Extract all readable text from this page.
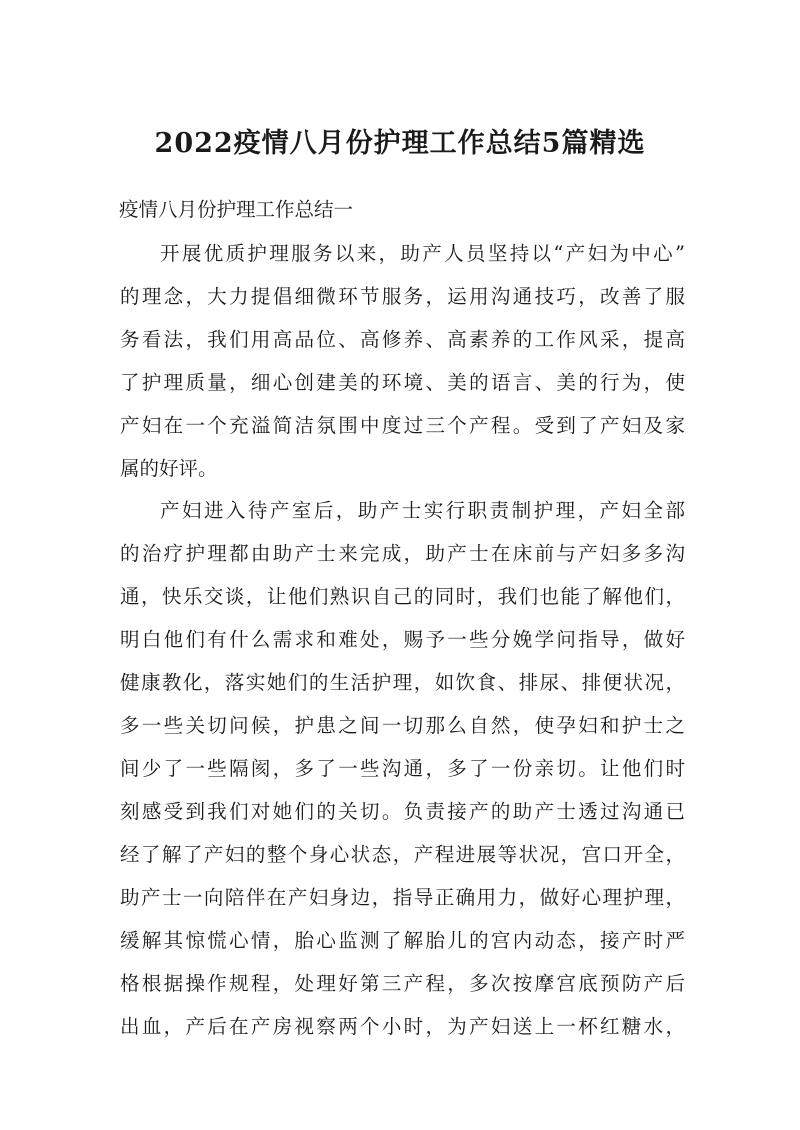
2022疫情八月份护理工作总结5篇精选
疫情八月份护理工作总结一
开展优质护理服务以来，助产人员坚持以“产妇为中心”
的理念，大力提倡细微环节服务，运用沟通技巧，改善了服
务看法，我们用高品位、高修养、高素养的工作风采，提高
了护理质量，细心创建美的环境、美的语言、美的行为，使
产妇在一个充溢简洁氛围中度过三个产程。受到了产妇及家
属的好评。
产妇进入待产室后，助产士实行职责制护理，产妇全部
的治疗护理都由助产士来完成，助产士在床前与产妇多多沟
通，快乐交谈，让他们熟识自己的同时，我们也能了解他们，
明白他们有什么需求和难处，赐予一些分娩学问指导，做好
健康教化，落实她们的生活护理，如饮食、排尿、排便状况，
多一些关切问候，护患之间一切那么自然，使孕妇和护士之
间少了一些隔阂，多了一些沟通，多了一份亲切。让他们时
刻感受到我们对她们的关切。负责接产的助产士透过沟通已
经了解了产妇的整个身心状态，产程进展等状况，宫口开全，
助产士一向陪伴在产妇身边，指导正确用力，做好心理护理，
缓解其惊慌心情，胎心监测了解胎儿的宫内动态，接产时严
格根据操作规程，处理好第三产程，多次按摩宫底预防产后
出血，产后在产房视察两个小时，为产妇送上一杯红糖水，
